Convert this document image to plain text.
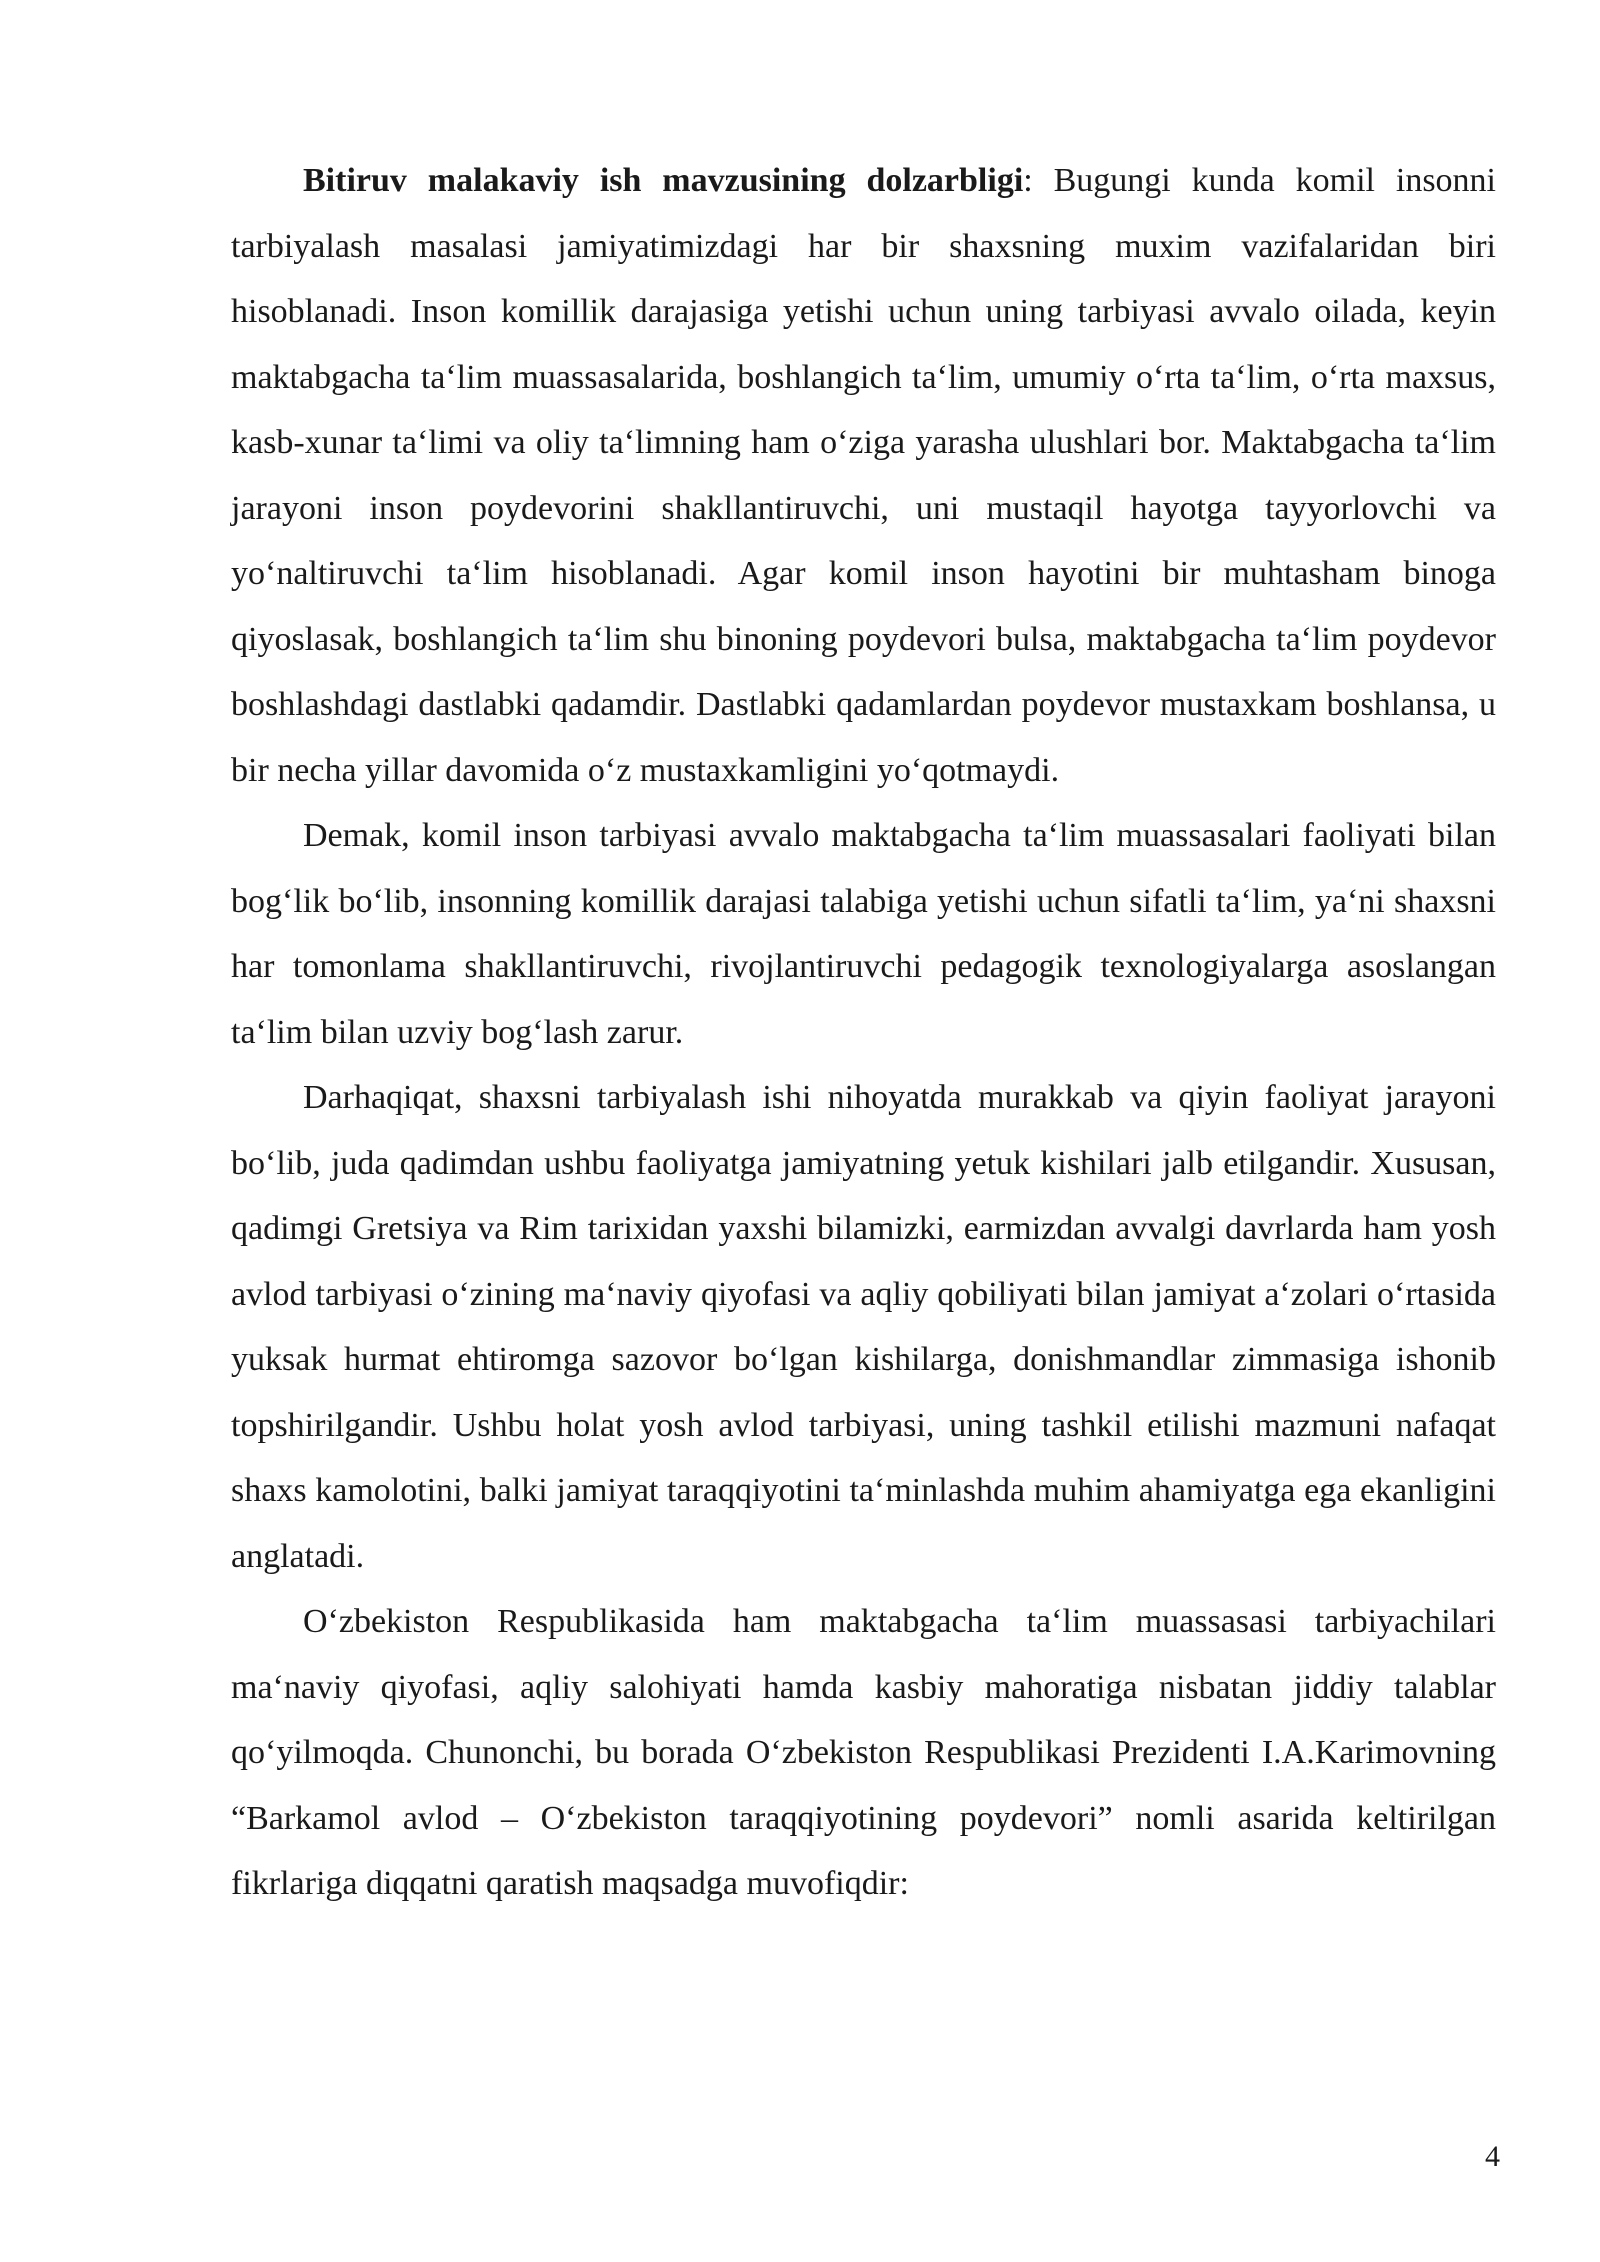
Bitiruv malakaviy ish mavzusining dolzarbligi: Bugungi kunda komil insonni tarbiyalash masalasi jamiyatimizdagi har bir shaxsning muxim vazifalaridan biri hisoblanadi. Inson komillik darajasiga yetishi uchun uning tarbiyasi avvalo oilada, keyin maktabgacha ta‘lim muassasalarida, boshlangich ta‘lim, umumiy o‘rta ta‘lim, o‘rta maxsus, kasb-xunar ta‘limi va oliy ta‘limning ham o‘ziga yarasha ulushlari bor. Maktabgacha ta‘lim jarayoni inson poydevorini shakllantiruvchi, uni mustaqil hayotga tayyorlovchi va yo‘naltiruvchi ta‘lim hisoblanadi. Agar komil inson hayotini bir muhtasham binoga qiyoslasak, boshlangich ta‘lim shu binoning poydevori bulsa, maktabgacha ta‘lim poydevor boshlashdagi dastlabki qadamdir. Dastlabki qadamlardan poydevor mustaxkam boshlansa, u bir necha yillar davomida o‘z mustaxkamligini yo‘qotmaydi.

Demak, komil inson tarbiyasi avvalo maktabgacha ta‘lim muassasalari faoliyati bilan bog‘lik bo‘lib, insonning komillik darajasi talabiga yetishi uchun sifatli ta‘lim, ya‘ni shaxsni har tomonlama shakllantiruvchi, rivojlantiruvchi pedagogik texnologiyalarga asoslangan ta‘lim bilan uzviy bog‘lash zarur.

Darhaqiqat, shaxsni tarbiyalash ishi nihoyatda murakkab va qiyin faoliyat jarayoni bo‘lib, juda qadimdan ushbu faoliyatga jamiyatning yetuk kishilari jalb etilgandir. Xususan, qadimgi Gretsiya va Rim tarixidan yaxshi bilamizki, earmizdan avvalgi davrlarda ham yosh avlod tarbiyasi o‘zining ma‘naviy qiyofasi va aqliy qobiliyati bilan jamiyat a‘zolari o‘rtasida yuksak hurmat ehtiromga sazovor bo‘lgan kishilarga, donishmandlar zimmasiga ishonib topshirilgandir. Ushbu holat yosh avlod tarbiyasi, uning tashkil etilishi mazmuni nafaqat shaxs kamolotini, balki jamiyat taraqqiyotini ta‘minlashda muhim ahamiyatga ega ekanligini anglatadi.

O‘zbekiston Respublikasida ham maktabgacha ta‘lim muassasasi tarbiyachilari ma‘naviy qiyofasi, aqliy salohiyati hamda kasbiy mahoratiga nisbatan jiddiy talablar qo‘yilmoqda. Chunonchi, bu borada O‘zbekiston Respublikasi Prezidenti I.A.Karimovning “Barkamol avlod – O‘zbekiston taraqqiyotining poydevori” nomli asarida keltirilgan fikrlariga diqqatni qaratish maqsadga muvofiqdir:

4
